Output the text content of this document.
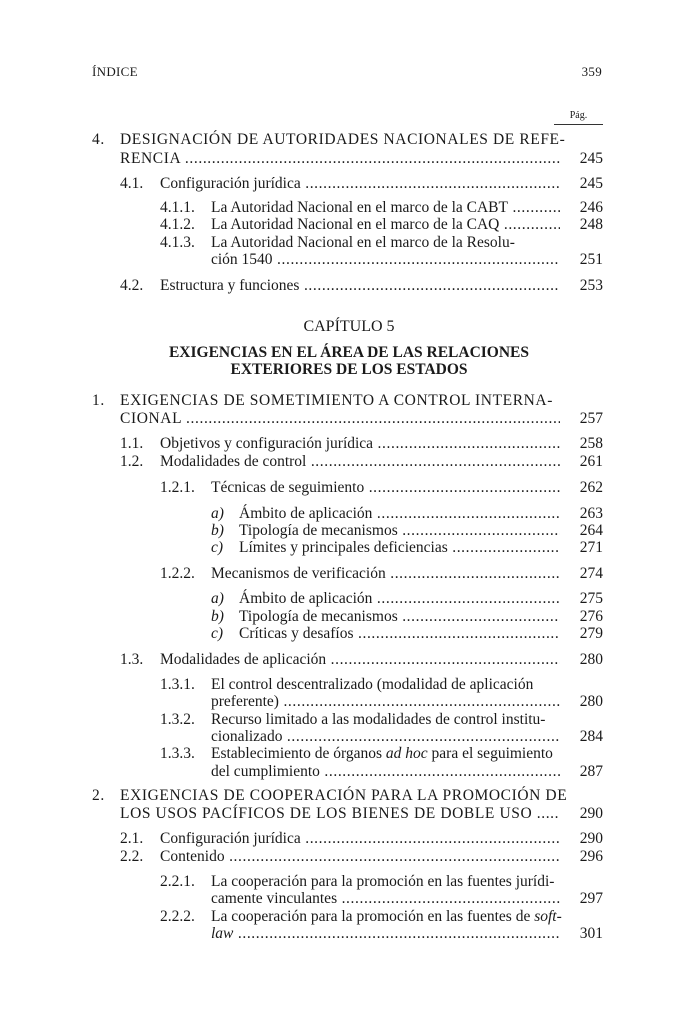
ÍNDICE	359
Pág.
4. DESIGNACIÓN DE AUTORIDADES NACIONALES DE REFE-
RENCIA .....	245
4.1. Configuración jurídica .....	245
4.1.1. La Autoridad Nacional en el marco de la CABT .....	246
4.1.2. La Autoridad Nacional en el marco de la CAQ .....	248
4.1.3. La Autoridad Nacional en el marco de la Resolu-
ción 1540 .....	251
4.2. Estructura y funciones .....	253
CAPÍTULO 5
EXIGENCIAS EN EL ÁREA DE LAS RELACIONES
EXTERIORES DE LOS ESTADOS
1. EXIGENCIAS DE SOMETIMIENTO A CONTROL INTERNA-
CIONAL .....	257
1.1. Objetivos y configuración jurídica .....	258
1.2. Modalidades de control .....	261
1.2.1. Técnicas de seguimiento .....	262
a) Ámbito de aplicación .....	263
b) Tipología de mecanismos .....	264
c) Límites y principales deficiencias .....	271
1.2.2. Mecanismos de verificación .....	274
a) Ámbito de aplicación .....	275
b) Tipología de mecanismos .....	276
c) Críticas y desafíos .....	279
1.3. Modalidades de aplicación .....	280
1.3.1. El control descentralizado (modalidad de aplicación
preferente) .....	280
1.3.2. Recurso limitado a las modalidades de control institu-
cionalizado .....	284
1.3.3. Establecimiento de órganos ad hoc para el seguimiento
del cumplimiento .....	287
2. EXIGENCIAS DE COOPERACIÓN PARA LA PROMOCIÓN DE
LOS USOS PACÍFICOS DE LOS BIENES DE DOBLE USO .....	290
2.1. Configuración jurídica .....	290
2.2. Contenido .....	296
2.2.1. La cooperación para la promoción en las fuentes jurídi-
camente vinculantes .....	297
2.2.2. La cooperación para la promoción en las fuentes de soft-
law .....	301
